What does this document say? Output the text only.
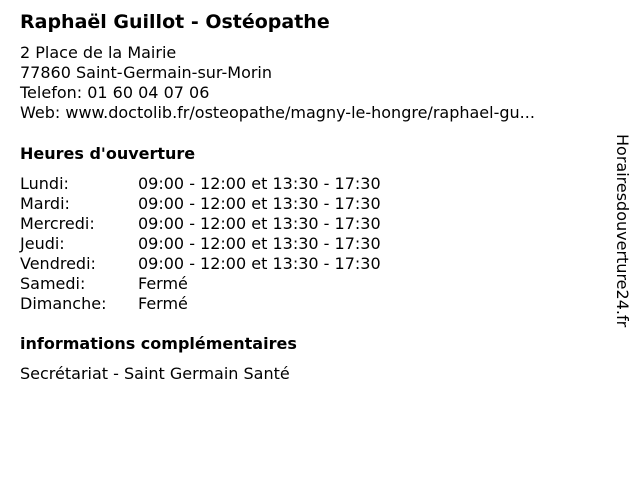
Raphaël Guillot - Ostéopathe
2 Place de la Mairie
77860 Saint-Germain-sur-Morin
Telefon: 01 60 04 07 06
Web: www.doctolib.fr/osteopathe/magny-le-hongre/raphael-gu...
Heures d'ouverture
Lundi:	09:00 - 12:00 et 13:30 - 17:30
Mardi:	09:00 - 12:00 et 13:30 - 17:30
Mercredi:	09:00 - 12:00 et 13:30 - 17:30
Jeudi:	09:00 - 12:00 et 13:30 - 17:30
Vendredi:	09:00 - 12:00 et 13:30 - 17:30
Samedi:	Fermé
Dimanche: Fermé
informations complémentaires
Secrétariat - Saint Germain Santé
Horairesdouverture24.fr
